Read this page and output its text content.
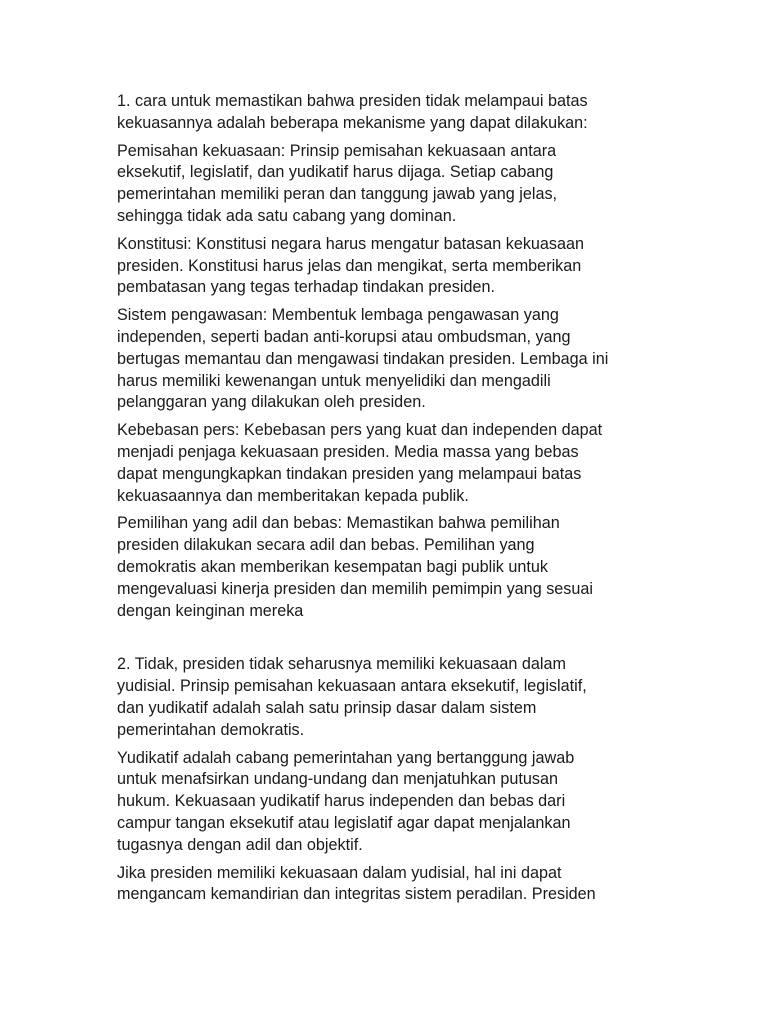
1. cara untuk memastikan bahwa presiden tidak melampaui batas
kekuasannya adalah beberapa mekanisme yang dapat dilakukan:

Pemisahan kekuasaan: Prinsip pemisahan kekuasaan antara
eksekutif, legislatif, dan yudikatif harus dijaga. Setiap cabang
pemerintahan memiliki peran dan tanggung jawab yang jelas,
sehingga tidak ada satu cabang yang dominan.

Konstitusi: Konstitusi negara harus mengatur batasan kekuasaan
presiden. Konstitusi harus jelas dan mengikat, serta memberikan
pembatasan yang tegas terhadap tindakan presiden.

Sistem pengawasan: Membentuk lembaga pengawasan yang
independen, seperti badan anti-korupsi atau ombudsman, yang
bertugas memantau dan mengawasi tindakan presiden. Lembaga ini
harus memiliki kewenangan untuk menyelidiki dan mengadili
pelanggaran yang dilakukan oleh presiden.

Kebebasan pers: Kebebasan pers yang kuat dan independen dapat
menjadi penjaga kekuasaan presiden. Media massa yang bebas
dapat mengungkapkan tindakan presiden yang melampaui batas
kekuasaannya dan memberitakan kepada publik.

Pemilihan yang adil dan bebas: Memastikan bahwa pemilihan
presiden dilakukan secara adil dan bebas. Pemilihan yang
demokratis akan memberikan kesempatan bagi publik untuk
mengevaluasi kinerja presiden dan memilih pemimpin yang sesuai
dengan keinginan mereka

2. Tidak, presiden tidak seharusnya memiliki kekuasaan dalam
yudisial. Prinsip pemisahan kekuasaan antara eksekutif, legislatif,
dan yudikatif adalah salah satu prinsip dasar dalam sistem
pemerintahan demokratis.

Yudikatif adalah cabang pemerintahan yang bertanggung jawab
untuk menafsirkan undang-undang dan menjatuhkan putusan
hukum. Kekuasaan yudikatif harus independen dan bebas dari
campur tangan eksekutif atau legislatif agar dapat menjalankan
tugasnya dengan adil dan objektif.

Jika presiden memiliki kekuasaan dalam yudisial, hal ini dapat
mengancam kemandirian dan integritas sistem peradilan. Presiden
